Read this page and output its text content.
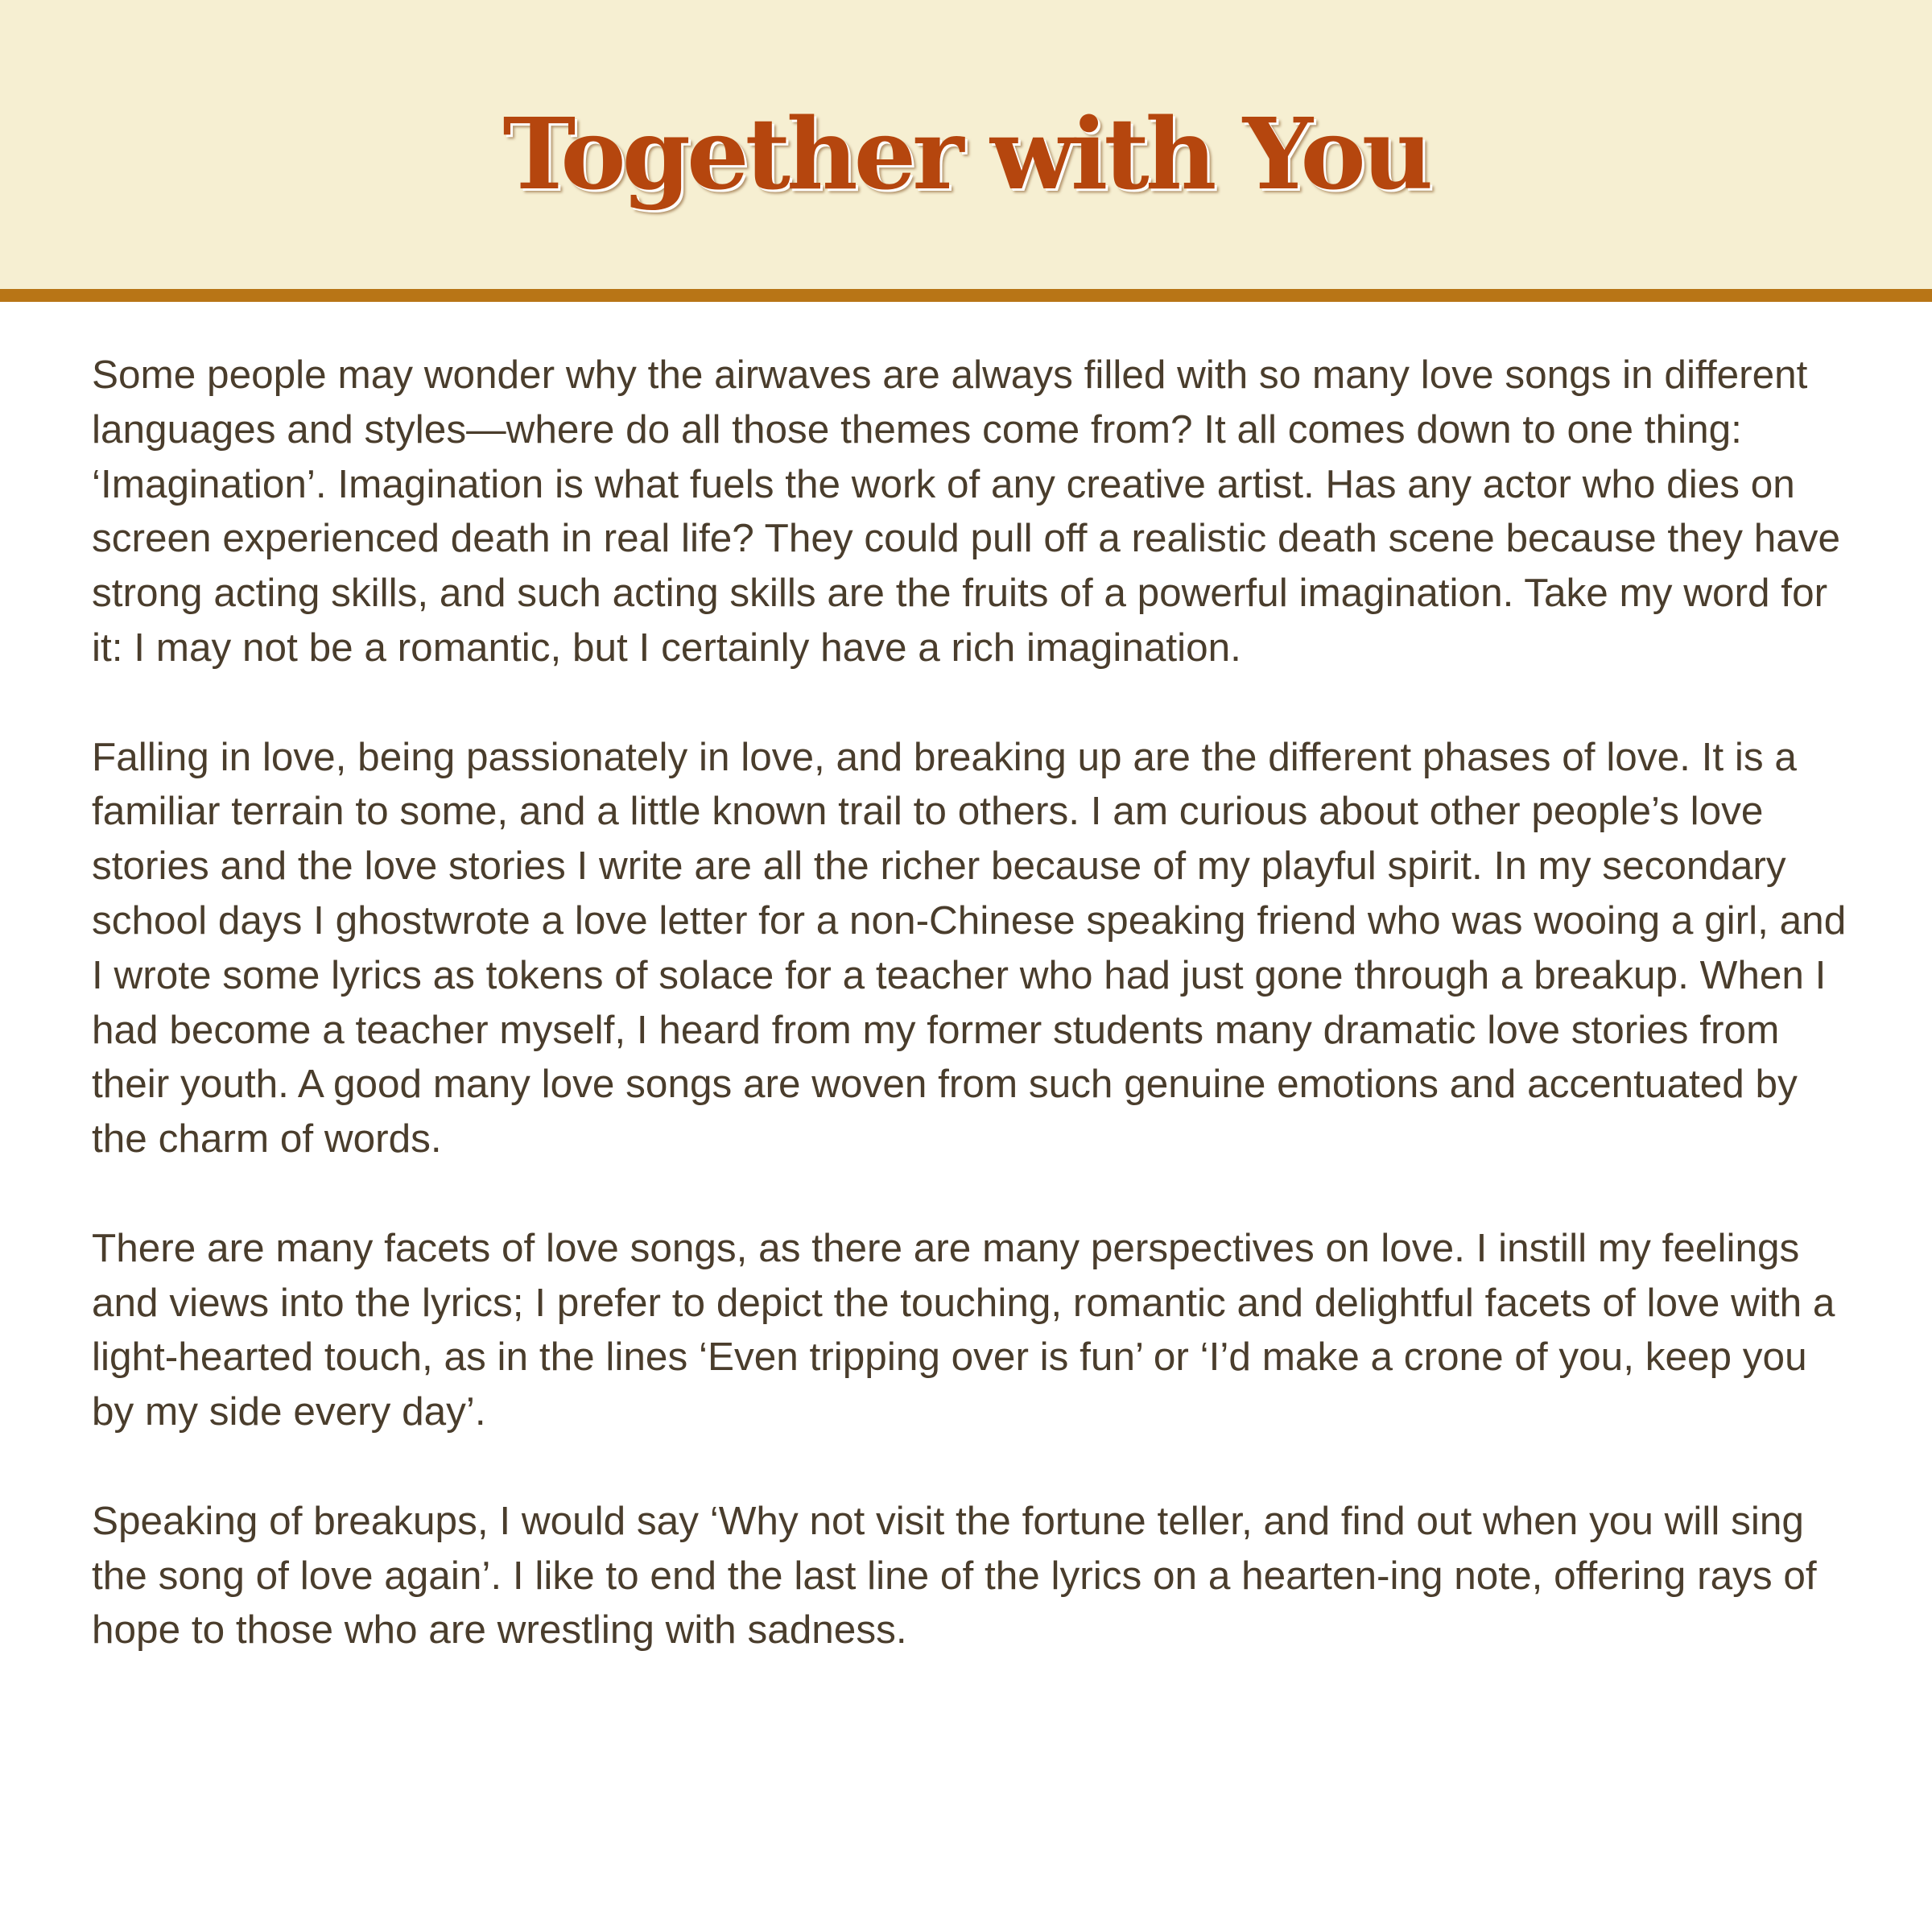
Together with You

Some people may wonder why the airwaves are always filled with so many love songs in different languages and styles—where do all those themes come from? It all comes down to one thing: ‘Imagination’. Imagination is what fuels the work of any creative artist. Has any actor who dies on screen experienced death in real life? They could pull off a realistic death scene because they have strong acting skills, and such acting skills are the fruits of a powerful imagination. Take my word for it: I may not be a romantic, but I certainly have a rich imagination.

Falling in love, being passionately in love, and breaking up are the different phases of love. It is a familiar terrain to some, and a little known trail to others. I am curious about other people’s love stories and the love stories I write are all the richer because of my playful spirit. In my secondary school days I ghostwrote a love letter for a non-Chinese speaking friend who was wooing a girl, and I wrote some lyrics as tokens of solace for a teacher who had just gone through a breakup. When I had become a teacher myself, I heard from my former students many dramatic love stories from their youth. A good many love songs are woven from such genuine emotions and accentuated by the charm of words.

There are many facets of love songs, as there are many perspectives on love. I instill my feelings and views into the lyrics; I prefer to depict the touching, romantic and delightful facets of love with a light-hearted touch, as in the lines ‘Even tripping over is fun’ or ‘I’d make a crone of you, keep you by my side every day’.

Speaking of breakups, I would say ‘Why not visit the fortune teller, and find out when you will sing the song of love again’. I like to end the last line of the lyrics on a hearten-ing note, offering rays of hope to those who are wrestling with sadness.
